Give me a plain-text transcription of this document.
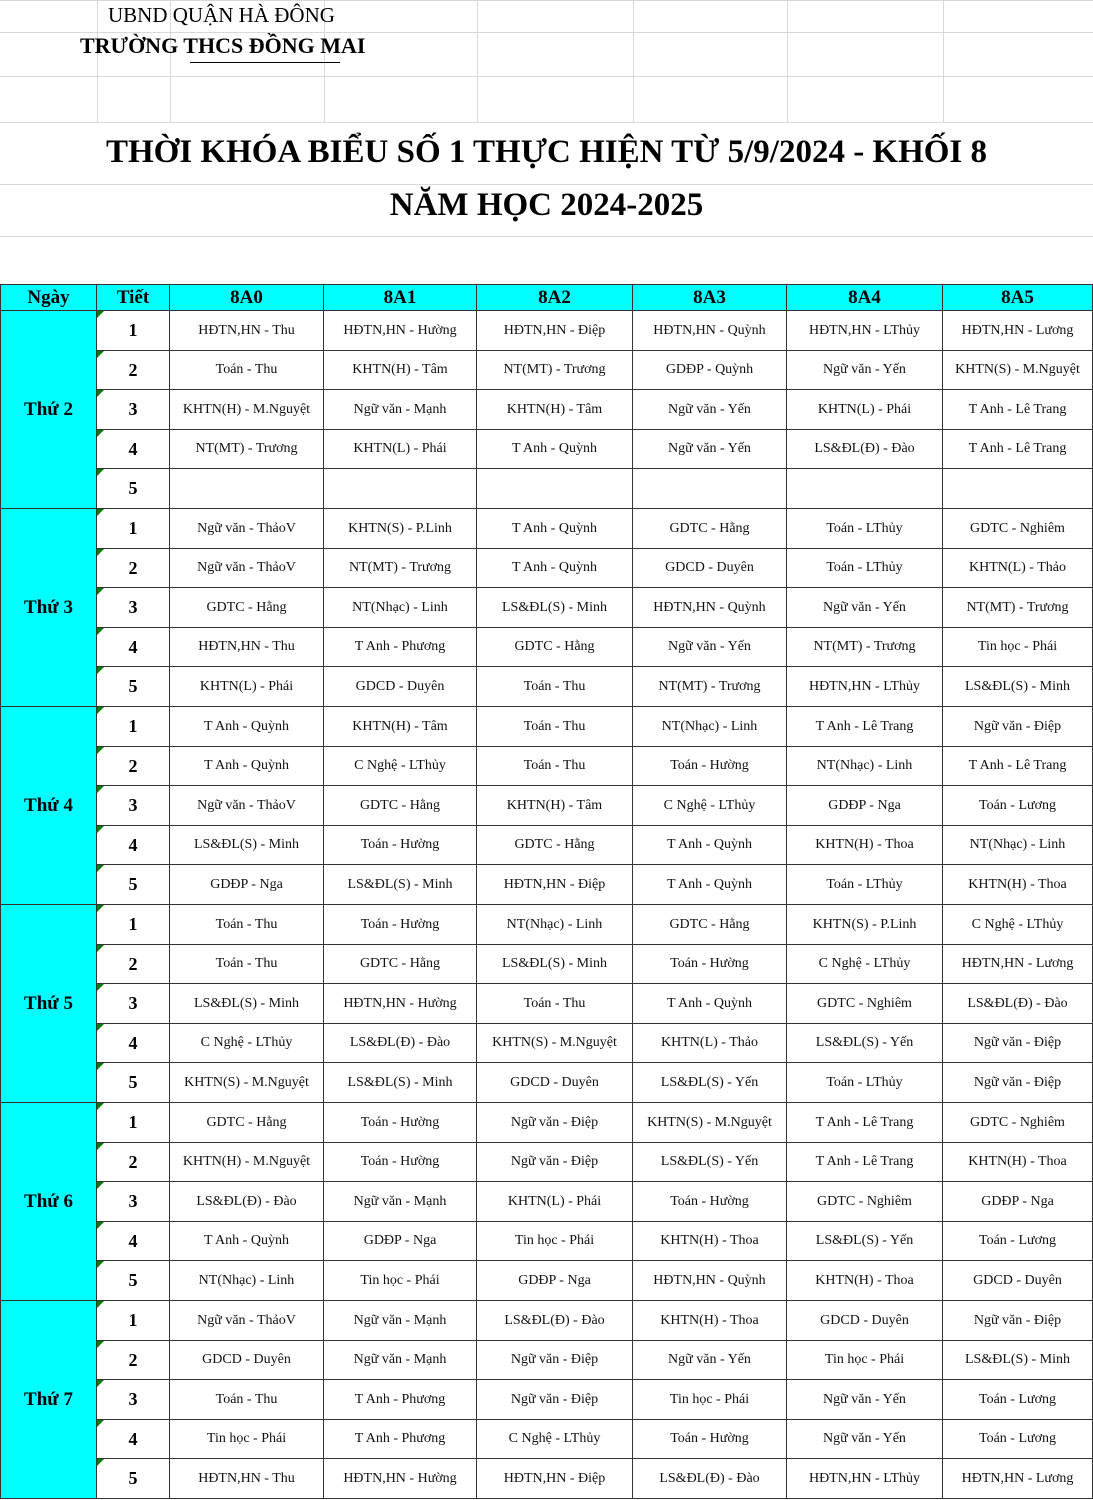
UBND QUẬN HÀ ĐÔNG
TRƯỜNG THCS ĐỒNG MAI
THỜI KHÓA BIỂU SỐ 1 THỰC HIỆN TỪ 5/9/2024 - KHỐI 8
NĂM HỌC 2024-2025
Ngày	Tiết	8A0	8A1	8A2	8A3	8A4	8A5
Thứ 2
1	HĐTN,HN - Thu	HĐTN,HN - Hường	HĐTN,HN - Điệp	HĐTN,HN - Quỳnh	HĐTN,HN - LThủy	HĐTN,HN - Lương
2	Toán - Thu	KHTN(H) - Tâm	NT(MT) - Trương	GDĐP - Quỳnh	Ngữ văn - Yến	KHTN(S) - M.Nguyệt
3	KHTN(H) - M.Nguyệt	Ngữ văn - Mạnh	KHTN(H) - Tâm	Ngữ văn - Yến	KHTN(L) - Phái	T Anh - Lê Trang
4	NT(MT) - Trương	KHTN(L) - Phái	T Anh - Quỳnh	Ngữ văn - Yến	LS&ĐL(Đ) - Đào	T Anh - Lê Trang
5
Thứ 3
1	Ngữ văn - ThảoV	KHTN(S) - P.Linh	T Anh - Quỳnh	GDTC - Hằng	Toán - LThủy	GDTC - Nghiêm
2	Ngữ văn - ThảoV	NT(MT) - Trương	T Anh - Quỳnh	GDCD - Duyên	Toán - LThủy	KHTN(L) - Thảo
3	GDTC - Hằng	NT(Nhạc) - Linh	LS&ĐL(S) - Minh	HĐTN,HN - Quỳnh	Ngữ văn - Yến	NT(MT) - Trương
4	HĐTN,HN - Thu	T Anh - Phương	GDTC - Hằng	Ngữ văn - Yến	NT(MT) - Trương	Tin học - Phái
5	KHTN(L) - Phái	GDCD - Duyên	Toán - Thu	NT(MT) - Trương	HĐTN,HN - LThủy	LS&ĐL(S) - Minh
Thứ 4
1	T Anh - Quỳnh	KHTN(H) - Tâm	Toán - Thu	NT(Nhạc) - Linh	T Anh - Lê Trang	Ngữ văn - Điệp
2	T Anh - Quỳnh	C Nghệ - LThủy	Toán - Thu	Toán - Hường	NT(Nhạc) - Linh	T Anh - Lê Trang
3	Ngữ văn - ThảoV	GDTC - Hằng	KHTN(H) - Tâm	C Nghệ - LThủy	GDĐP - Nga	Toán - Lương
4	LS&ĐL(S) - Minh	Toán - Hường	GDTC - Hằng	T Anh - Quỳnh	KHTN(H) - Thoa	NT(Nhạc) - Linh
5	GDĐP - Nga	LS&ĐL(S) - Minh	HĐTN,HN - Điệp	T Anh - Quỳnh	Toán - LThủy	KHTN(H) - Thoa
Thứ 5
1	Toán - Thu	Toán - Hường	NT(Nhạc) - Linh	GDTC - Hằng	KHTN(S) - P.Linh	C Nghệ - LThủy
2	Toán - Thu	GDTC - Hằng	LS&ĐL(S) - Minh	Toán - Hường	C Nghệ - LThủy	HĐTN,HN - Lương
3	LS&ĐL(S) - Minh	HĐTN,HN - Hường	Toán - Thu	T Anh - Quỳnh	GDTC - Nghiêm	LS&ĐL(Đ) - Đào
4	C Nghệ - LThủy	LS&ĐL(Đ) - Đào	KHTN(S) - M.Nguyệt	KHTN(L) - Thảo	LS&ĐL(S) - Yến	Ngữ văn - Điệp
5	KHTN(S) - M.Nguyệt	LS&ĐL(S) - Minh	GDCD - Duyên	LS&ĐL(S) - Yến	Toán - LThủy	Ngữ văn - Điệp
Thứ 6
1	GDTC - Hằng	Toán - Hường	Ngữ văn - Điệp	KHTN(S) - M.Nguyệt	T Anh - Lê Trang	GDTC - Nghiêm
2	KHTN(H) - M.Nguyệt	Toán - Hường	Ngữ văn - Điệp	LS&ĐL(S) - Yến	T Anh - Lê Trang	KHTN(H) - Thoa
3	LS&ĐL(Đ) - Đào	Ngữ văn - Mạnh	KHTN(L) - Phái	Toán - Hường	GDTC - Nghiêm	GDĐP - Nga
4	T Anh - Quỳnh	GDĐP - Nga	Tin học - Phái	KHTN(H) - Thoa	LS&ĐL(S) - Yến	Toán - Lương
5	NT(Nhạc) - Linh	Tin học - Phái	GDĐP - Nga	HĐTN,HN - Quỳnh	KHTN(H) - Thoa	GDCD - Duyên
Thứ 7
1	Ngữ văn - ThảoV	Ngữ văn - Mạnh	LS&ĐL(Đ) - Đào	KHTN(H) - Thoa	GDCD - Duyên	Ngữ văn - Điệp
2	GDCD - Duyên	Ngữ văn - Mạnh	Ngữ văn - Điệp	Ngữ văn - Yến	Tin học - Phái	LS&ĐL(S) - Minh
3	Toán - Thu	T Anh - Phương	Ngữ văn - Điệp	Tin học - Phái	Ngữ văn - Yến	Toán - Lương
4	Tin học - Phái	T Anh - Phương	C Nghệ - LThủy	Toán - Hường	Ngữ văn - Yến	Toán - Lương
5	HĐTN,HN - Thu	HĐTN,HN - Hường	HĐTN,HN - Điệp	LS&ĐL(Đ) - Đào	HĐTN,HN - LThủy	HĐTN,HN - Lương
